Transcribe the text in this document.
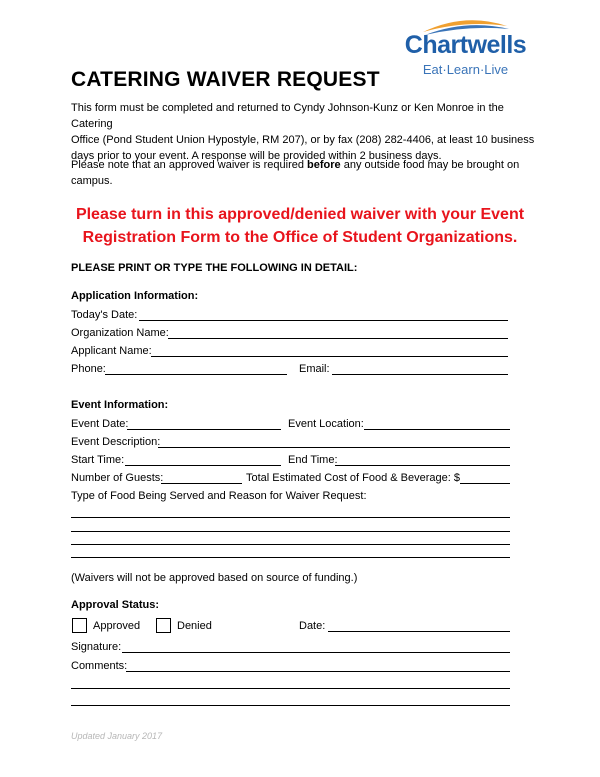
Chartwells
Eat·Learn·Live
CATERING WAIVER REQUEST
This form must be completed and returned to Cyndy Johnson-Kunz or Ken Monroe in the Catering
Office (Pond Student Union Hypostyle, RM 207), or by fax (208) 282-4406, at least 10 business
days prior to your event. A response will be provided within 2 business days.
Please note that an approved waiver is required before any outside food may be brought on
campus.
Please turn in this approved/denied waiver with your Event
Registration Form to the Office of Student Organizations.
PLEASE PRINT OR TYPE THE FOLLOWING IN DETAIL:
Application Information:
Today's Date:
Organization Name:
Applicant Name:
Phone:	Email:
Event Information:
Event Date:	Event Location:
Event Description:
Start Time:	End Time:
Number of Guests:	Total Estimated Cost of Food & Beverage: $
Type of Food Being Served and Reason for Waiver Request:
(Waivers will not be approved based on source of funding.)
Approval Status:
Approved	Denied	Date:
Signature:
Comments:
Updated January 2017
